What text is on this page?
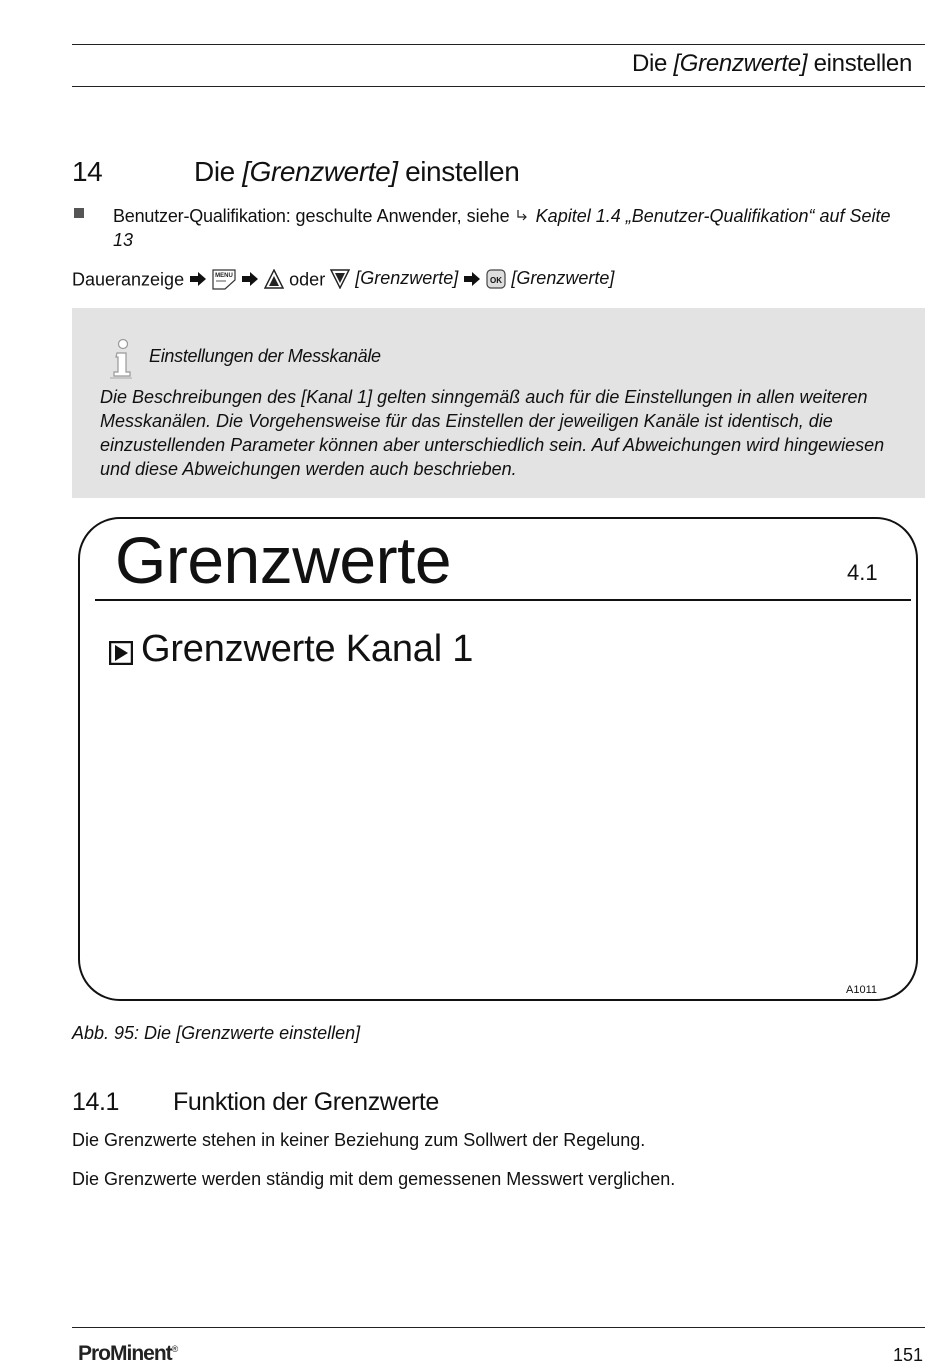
Die [Grenzwerte] einstellen
14	Die [Grenzwerte] einstellen
Benutzer-Qualifikation: geschulte Anwender, siehe  Kapitel 1.4 „Benutzer-Qualifikation“ auf Seite 13
Daueranzeige	MENU	oder [Grenzwerte]	OK [Grenzwerte]
Einstellungen der Messkanäle
Die Beschreibungen des [Kanal 1] gelten sinngemäß auch für die Einstellungen in allen weiteren Messkanälen. Die Vorgehensweise für das Einstellen der jeweiligen Kanäle ist identisch, die einzustellenden Parameter können aber unterschiedlich sein. Auf Abweichungen wird hingewiesen und diese Abweichungen werden auch beschrieben.
Grenzwerte	4.1
Grenzwerte Kanal 1
A1011
Abb. 95: Die [Grenzwerte einstellen]
14.1 Funktion der Grenzwerte
Die Grenzwerte stehen in keiner Beziehung zum Sollwert der Regelung.
Die Grenzwerte werden ständig mit dem gemessenen Messwert verglichen.
ProMinent®	151
